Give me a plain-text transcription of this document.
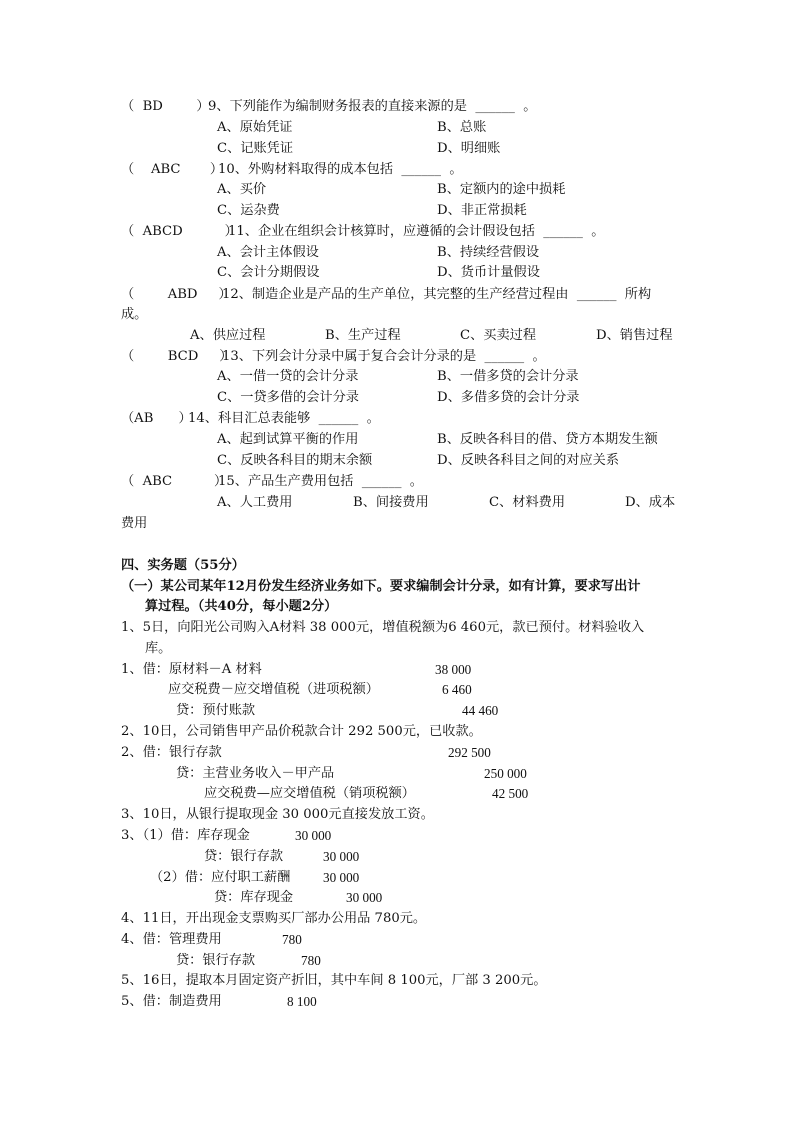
（  BD        ）
9、下列能作为编制财务报表的直接来源的是  ______  。
A、原始凭证	B、总账
C、记账凭证	D、明细账
（    ABC       ）
10、外购材料取得的成本包括  ______  。
A、买价	B、定额内的途中损耗
C、运杂费	D、非正常损耗
（  ABCD          ）
11、企业在组织会计核算时，应遵循的会计假设包括  ______  。
A、会计主体假设	B、持续经营假设
C、会计分期假设	D、货币计量假设
（        ABD     ）
12、制造企业是产品的生产单位，其完整的生产经营过程由  ______  所构
成。
A、供应过程	B、生产过程	C、买卖过程	D、销售过程
（        BCD     ）
13、下列会计分录中属于复合会计分录的是  ______  。
A、一借一贷的会计分录	B、一借多贷的会计分录
C、一贷多借的会计分录	D、多借多贷的会计分录
（AB      ）
14、科目汇总表能够  ______  。
A、起到试算平衡的作用	B、反映各科目的借、贷方本期发生额
C、反映各科目的期末余额	D、反映各科目之间的对应关系
（  ABC          ）
15、产品生产费用包括  ______  。
A、人工费用	B、间接费用	C、材料费用	D、成本
费用
四、实务题（55分）
（一）某公司某年12月份发生经济业务如下。要求编制会计分录，如有计算，要求写出计
算过程。（共40分，每小题2分）
1、5日，向阳光公司购入A材料 38 000元，增值税额为6 460元，款已预付。材料验收入
库。
1、借：原材料－A 材料	38 000
应交税费－应交增值税（进项税额）	6 460
贷：预付账款	44 460
2、10日，公司销售甲产品价税款合计 292 500元，已收款。
2、借：银行存款	292 500
贷：主营业务收入－甲产品	250 000
应交税费—应交增值税（销项税额）	42 500
3、10日，从银行提取现金 30 000元直接发放工资。
3、（1）借：库存现金	30 000
贷：银行存款	30 000
（2）借：应付职工薪酬 30 000
贷：库存现金	30 000
4、11日，开出现金支票购买厂部办公用品 780元。
4、借：管理费用	780
贷：银行存款	780
5、16日，提取本月固定资产折旧，其中车间 8 100元，厂部 3 200元。
5、借：制造费用	8 100
